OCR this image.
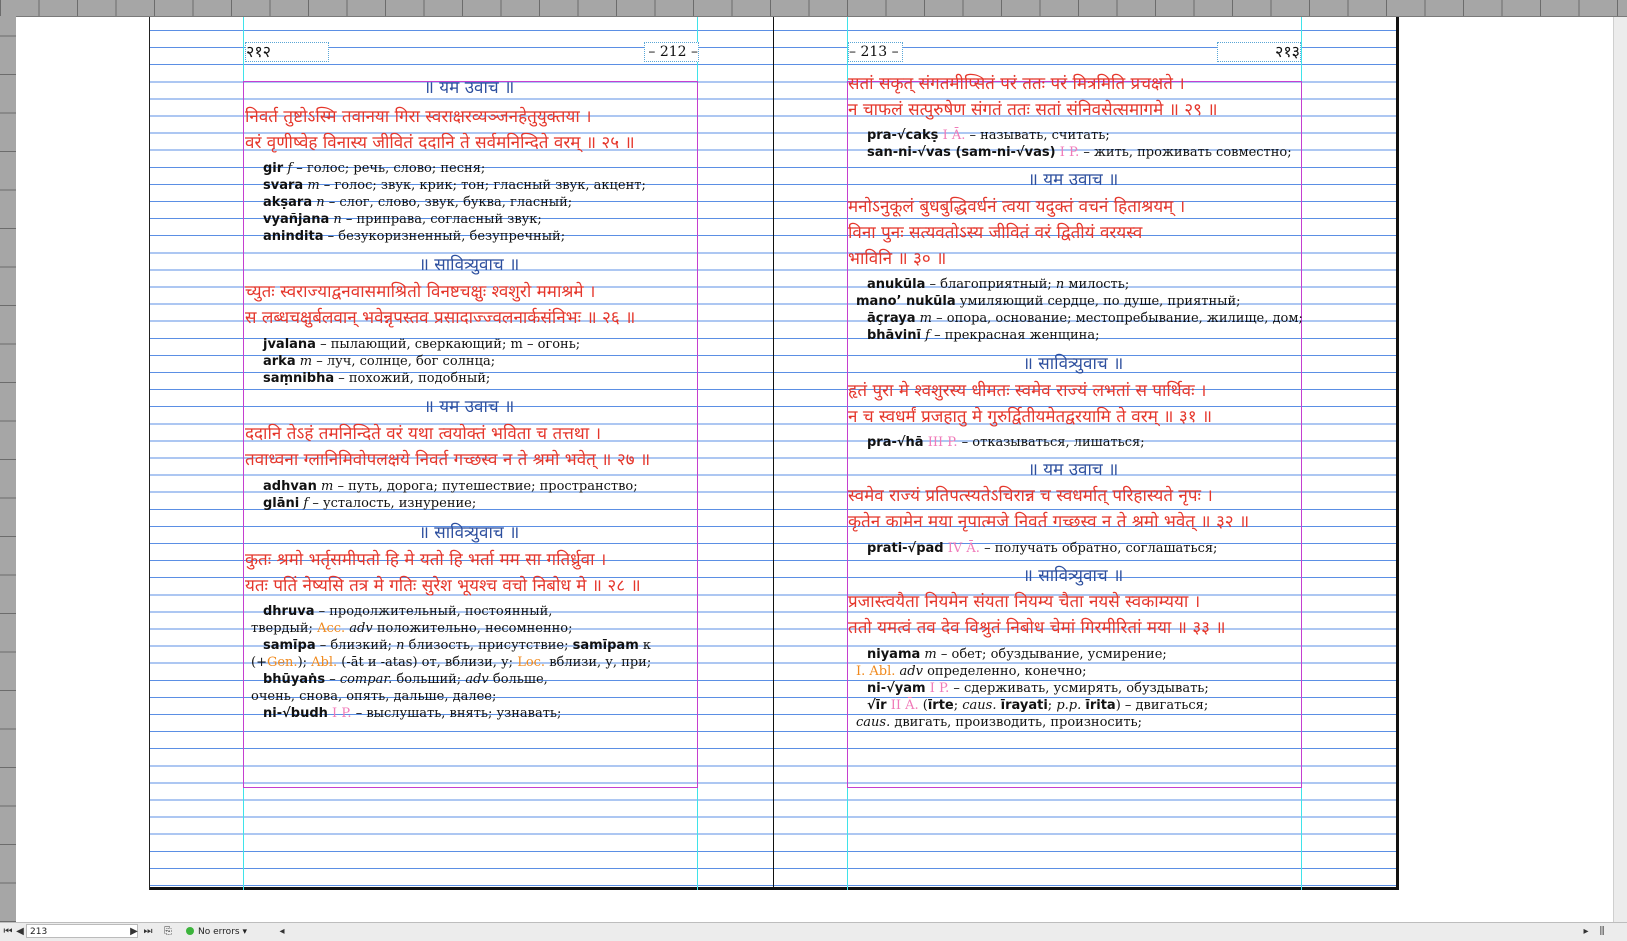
२१२	– 212 –	– 213 –	२१३
॥ यम उवाच ॥
निवर्त तुष्टोऽस्मि तवानया गिरा स्वराक्षरव्यञ्जनहेतुयुक्तया ।
वरं वृणीष्वेह विनास्य जीवितं ददानि ते सर्वमनिन्दिते वरम् ॥ २५ ॥
gir f – голос; речь, слово; песня;
svara m – голос; звук, крик; тон; гласный звук, акцент;
akṣara n – слог, слово, звук, буква, гласный;
vyañjana n – приправа, согласный звук;
anindita – безукоризненный, безупречный;
॥ सावित्र्युवाच ॥
च्युतः स्वराज्याद्वनवासमाश्रितो विनष्टचक्षुः श्वशुरो ममाश्रमे ।
स लब्धचक्षुर्बलवान् भवेन्नृपस्तव प्रसादाज्ज्वलनार्कसंनिभः ॥ २६ ॥
jvalana – пылающий, сверкающий; m – огонь;
arka m – луч, солнце, бог солнца;
saṃnibha – похожий, подобный;
॥ यम उवाच ॥
ददानि तेऽहं तमनिन्दिते वरं यथा त्वयोक्तं भविता च तत्तथा ।
तवाध्वना ग्लानिमिवोपलक्षये निवर्त गच्छस्व न ते श्रमो भवेत् ॥ २७ ॥
adhvan m – путь, дорога; путешествие; пространство;
glāni f – усталость, изнурение;
॥ सावित्र्युवाच ॥
कुतः श्रमो भर्तृसमीपतो हि मे यतो हि भर्ता मम सा गतिर्ध्रुवा ।
यतः पतिं नेष्यसि तत्र मे गतिः सुरेश भूयश्च वचो निबोध मे ॥ २८ ॥
dhruva – продолжительный, постоянный,
твердый; Acc. adv положительно, несомненно;
samīpa – близкий; n близость, присутствие; samīpam к
(+Gen.); Abl. (-āt и -atas) от, вблизи, у; Loc. вблизи, у, при;
bhūyaṅs – compar. больший; adv больше,
очень, снова, опять, дальше, далее;
ni-√budh I P. – выслушать, внять; узнавать;
सतां सकृत् संगतमीप्सितं परं ततः परं मित्रमिति प्रचक्षते ।
न चाफलं सत्पुरुषेण संगतं ततः सतां संनिवसेत्समागमे ॥ २९ ॥
pra-√cakṣ I Ā. – называть, считать;
san-ni-√vas (sam-ni-√vas) I P. – жить, проживать совместно;
॥ यम उवाच ॥
मनोऽनुकूलं बुधबुद्धिवर्धनं त्वया यदुक्तं वचनं हिताश्रयम् ।
विना पुनः सत्यवतोऽस्य जीवितं वरं द्वितीयं वरयस्व
भाविनि ॥ ३० ॥
anukūla – благоприятный; n милость;
mano’ nukūla умиляющий сердце, по душе, приятный;
āçraya m – опора, основание; местопребывание, жилище, дом;
bhāvinī f – прекрасная женщина;
॥ सावित्र्युवाच ॥
हृतं पुरा मे श्वशुरस्य धीमतः स्वमेव राज्यं लभतां स पार्थिवः ।
न च स्वधर्मं प्रजहातु मे गुरुर्द्वितीयमेतद्वरयामि ते वरम् ॥ ३१ ॥
pra-√hā III P. – отказываться, лишаться;
॥ यम उवाच ॥
स्वमेव राज्यं प्रतिपत्स्यतेऽचिरान्न च स्वधर्मात् परिहास्यते नृपः ।
कृतेन कामेन मया नृपात्मजे निवर्त गच्छस्व न ते श्रमो भवेत् ॥ ३२ ॥
prati-√pad IV Ā. – получать обратно, соглашаться;
॥ सावित्र्युवाच ॥
प्रजास्त्वयैता नियमेन संयता नियम्य चैता नयसे स्वकाम्यया ।
ततो यमत्वं तव देव विश्रुतं निबोध चेमां गिरमीरितां मया ॥ ३३ ॥
niyama m – обет; обуздывание, усмирение;
I. Abl. adv определенно, конечно;
ni-√yam I P. – сдерживать, усмирять, обуздывать;
√īr II Ā. (īrte; caus. īrayati; p.p. īrita) – двигаться;
caus. двигать, производить, произносить;
⏮ ◀ 213	▶ ⏭ ⎘	No errors ▾	◂	▸	⫼
